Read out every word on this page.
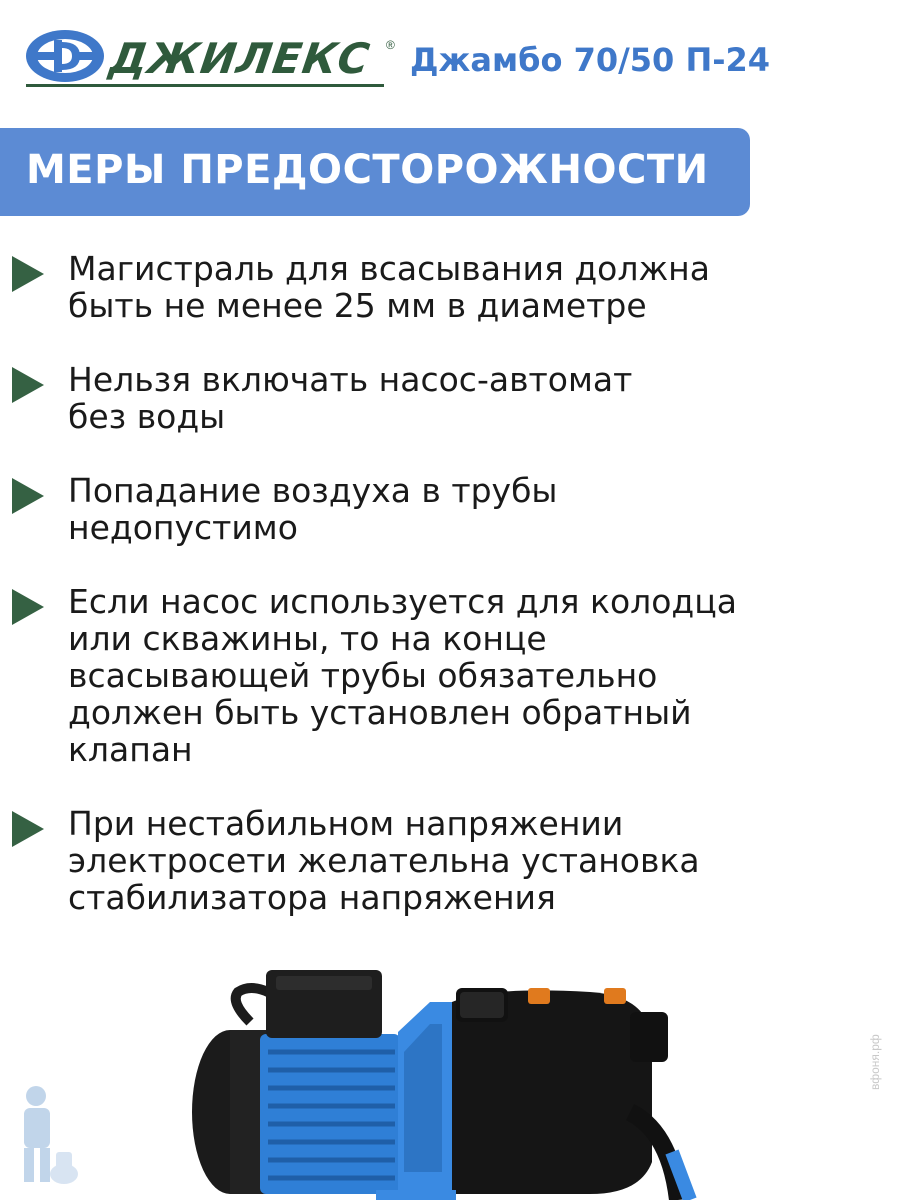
ДЖИЛЕКС ® Джамбо 70/50 П-24
МЕРЫ ПРЕДОСТОРОЖНОСТИ
Магистраль для всасывания должна
быть не менее 25 мм в диаметре
Нельзя включать насос-автомат
без воды
Попадание воздуха в трубы
недопустимо
Если насос используется для колодца
или скважины, то на конце
всасывающей трубы обязательно
должен быть установлен обратный
клапан
При нестабильном напряжении
электросети желательна установка
стабилизатора напряжения
вфоня.рф
